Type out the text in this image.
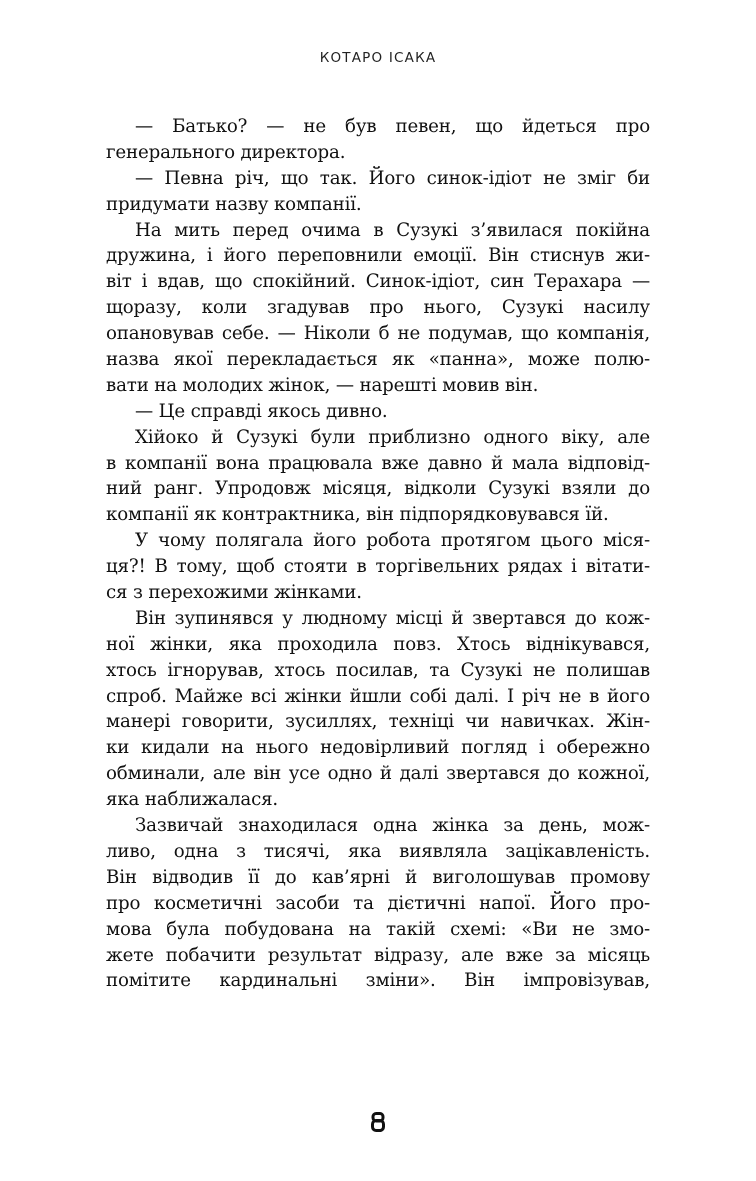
КОТАРО ІСАКА

— Батько? — не був певен, що йдеться про
генерального директора.

— Певна річ, що так. Його синок-ідіот не зміг би
придумати назву компанії.

На мить перед очима в Сузукі з’явилася покійна
дружина, і його переповнили емоції. Він стиснув жи-
віт і вдав, що спокійний. Синок-ідіот, син Терахара —
щоразу, коли згадував про нього, Сузукі насилу
опановував себе. — Ніколи б не подумав, що компанія,
назва якої перекладається як «панна», може полю-
вати на молодих жінок, — нарешті мовив він.

— Це справді якось дивно.

Хійоко й Сузукі були приблизно одного віку, але
в компанії вона працювала вже давно й мала відповід-
ний ранг. Упродовж місяця, відколи Сузукі взяли до
компанії як контрактника, він підпорядковувався їй.

У чому полягала його робота протягом цього міся-
ця?! В тому, щоб стояти в торгівельних рядах і вітати-
ся з перехожими жінками.

Він зупинявся у людному місці й звертався до кож-
ної жінки, яка проходила повз. Хтось віднікувався,
хтось ігнорував, хтось посилав, та Сузукі не полишав
спроб. Майже всі жінки йшли собі далі. І річ не в його
манері говорити, зусиллях, техніці чи навичках. Жін-
ки кидали на нього недовірливий погляд і обережно
обминали, але він усе одно й далі звертався до кожної,
яка наближалася.

Зазвичай знаходилася одна жінка за день, мож-
ливо, одна з тисячі, яка виявляла зацікавленість.
Він відводив її до кав’ярні й виголошував промову
про косметичні засоби та дієтичні напої. Його про-
мова була побудована на такій схемі: «Ви не змо-
жете побачити результат відразу, але вже за місяць
помітите кардинальні зміни». Він імпровізував,
